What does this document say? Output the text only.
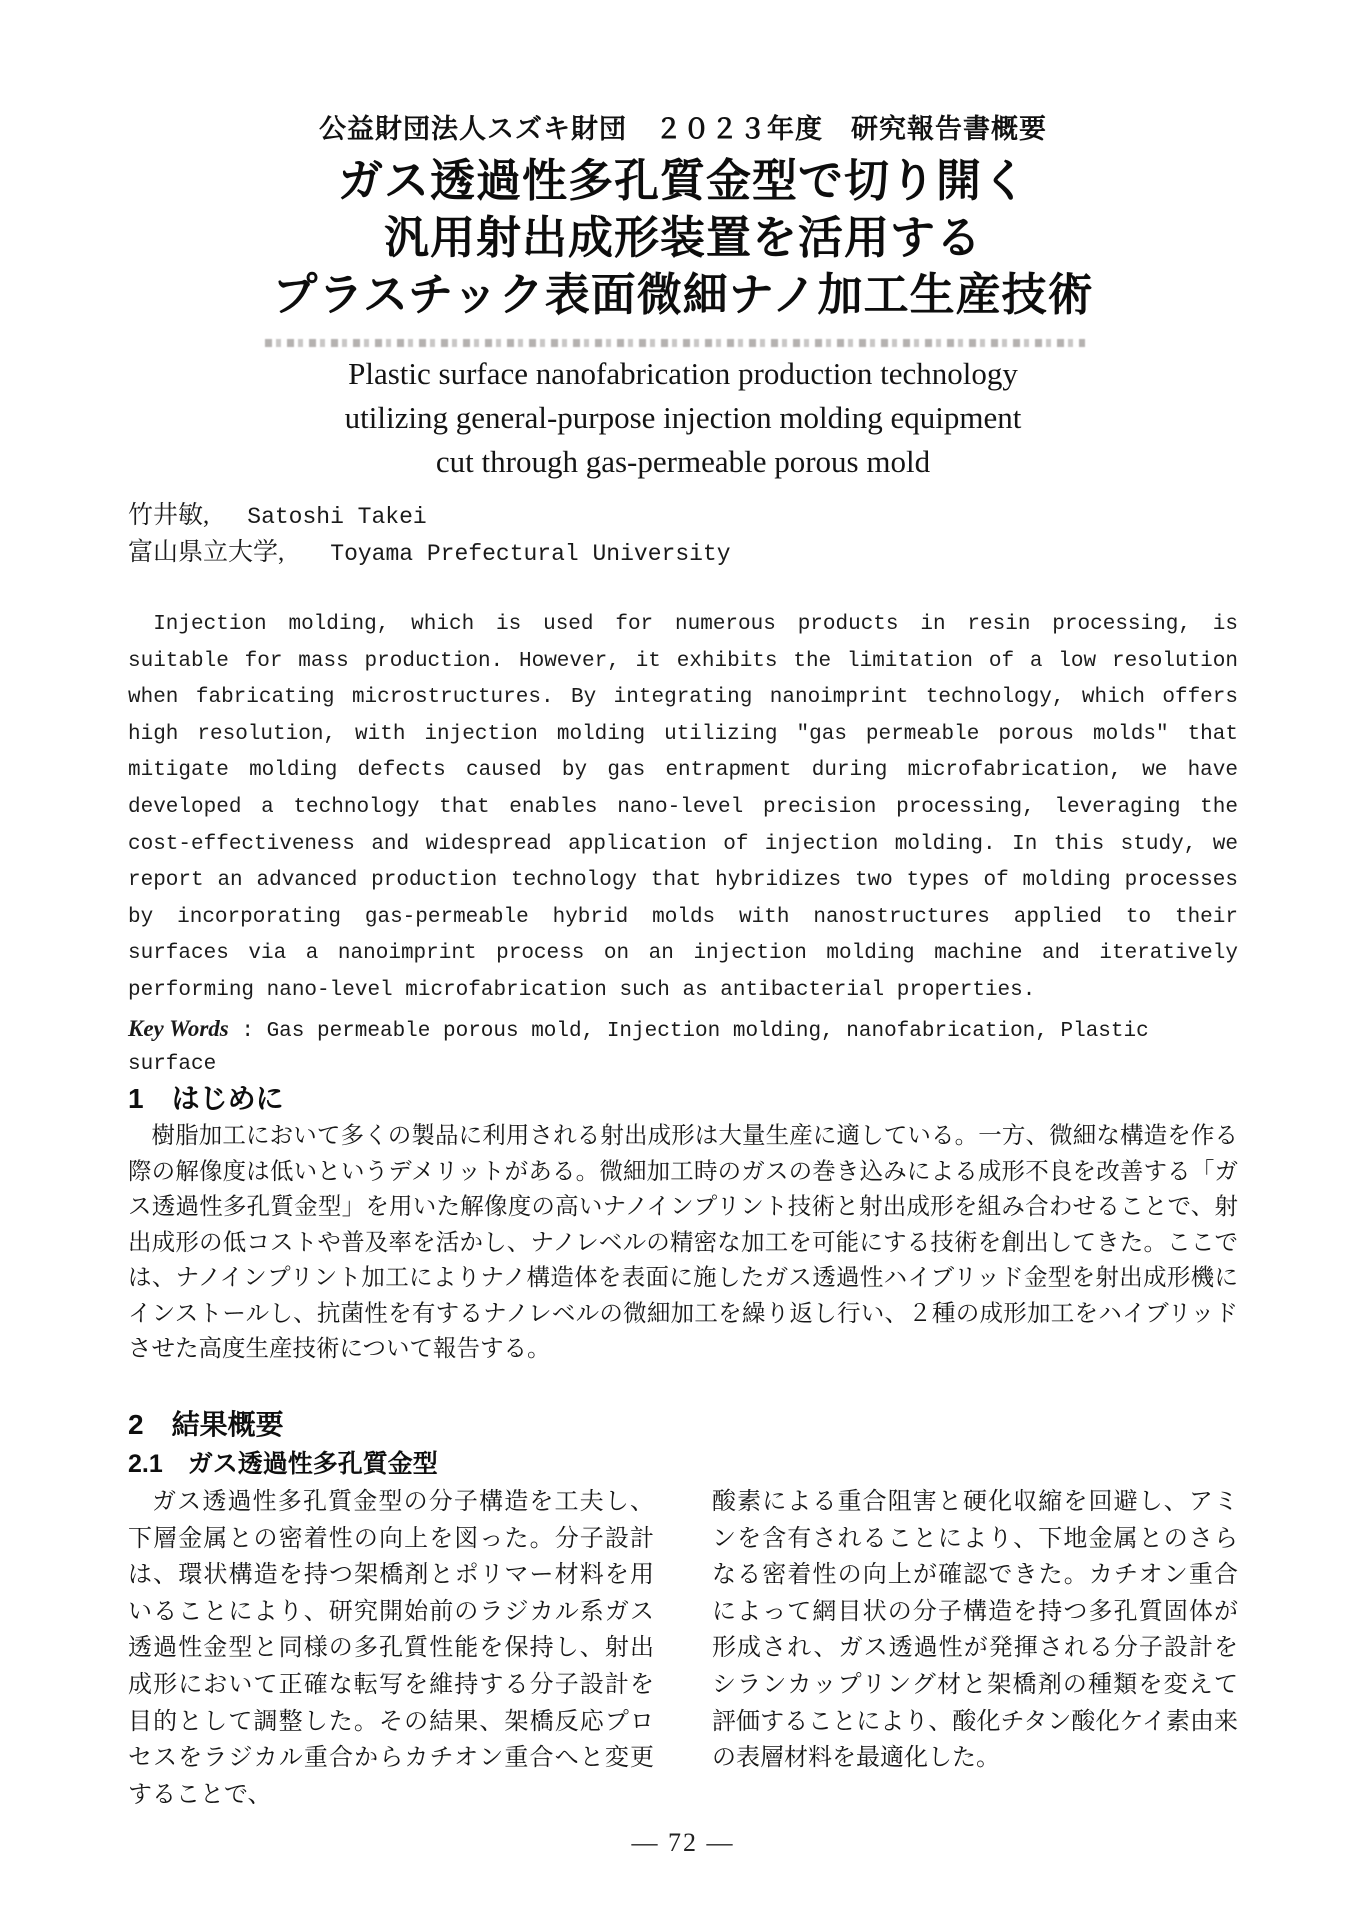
公益財団法人スズキ財団　２０２３年度　研究報告書概要
ガス透過性多孔質金型で切り開く
汎用射出成形装置を活用する
プラスチック表面微細ナノ加工生産技術
Plastic surface nanofabrication production technology
utilizing general-purpose injection molding equipment
cut through gas-permeable porous mold
竹井敏, Satoshi Takei
富山県立大学, Toyama Prefectural University
Injection molding, which is used for numerous products in resin processing, is suitable for mass production. However, it exhibits the limitation of a low resolution when fabricating microstructures. By integrating nanoimprint technology, which offers high resolution, with injection molding utilizing "gas permeable porous molds" that mitigate molding defects caused by gas entrapment during microfabrication, we have developed a technology that enables nano-level precision processing, leveraging the cost-effectiveness and widespread application of injection molding. In this study, we report an advanced production technology that hybridizes two types of molding processes by incorporating gas-permeable hybrid molds with nanostructures applied to their surfaces via a nanoimprint process on an injection molding machine and iteratively performing nano-level microfabrication such as antibacterial properties.
Key Words : Gas permeable porous mold, Injection molding, nanofabrication, Plastic surface
1　はじめに
樹脂加工において多くの製品に利用される射出成形は大量生産に適している。一方、微細な構造を作る際の解像度は低いというデメリットがある。微細加工時のガスの巻き込みによる成形不良を改善する「ガス透過性多孔質金型」を用いた解像度の高いナノインプリント技術と射出成形を組み合わせることで、射出成形の低コストや普及率を活かし、ナノレベルの精密な加工を可能にする技術を創出してきた。ここでは、ナノインプリント加工によりナノ構造体を表面に施したガス透過性ハイブリッド金型を射出成形機にインストールし、抗菌性を有するナノレベルの微細加工を繰り返し行い、２種の成形加工をハイブリッドさせた高度生産技術について報告する。
2　結果概要
2.1　ガス透過性多孔質金型
ガス透過性多孔質金型の分子構造を工夫し、下層金属との密着性の向上を図った。分子設計は、環状構造を持つ架橋剤とポリマー材料を用いることにより、研究開始前のラジカル系ガス透過性金型と同様の多孔質性能を保持し、射出成形において正確な転写を維持する分子設計を目的として調整した。その結果、架橋反応プロセスをラジカル重合からカチオン重合へと変更することで、
酸素による重合阻害と硬化収縮を回避し、アミンを含有されることにより、下地金属とのさらなる密着性の向上が確認できた。カチオン重合によって網目状の分子構造を持つ多孔質固体が形成され、ガス透過性が発揮される分子設計をシランカップリング材と架橋剤の種類を変えて評価することにより、酸化チタン酸化ケイ素由来の表層材料を最適化した。
― 72 ―
